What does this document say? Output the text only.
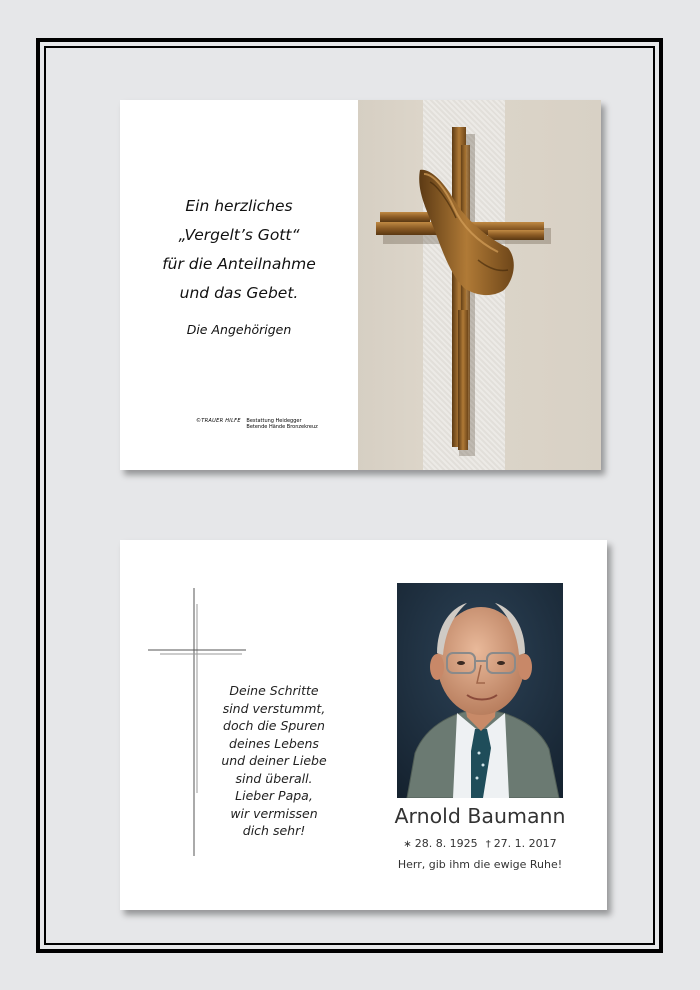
Ein herzliches
„Vergelt’s Gott“
für die Anteilnahme
und das Gebet.
Die Angehörigen
©TRAUER HILFE Bestattung Heidegger
Betende Hände Bronzekreuz
Deine Schritte
sind verstummt,
doch die Spuren
deines Lebens
und deiner Liebe
sind überall.
Lieber Papa,
wir vermissen
dich sehr!
Arnold Baumann
∗ 28. 8. 1925 † 27. 1. 2017
Herr, gib ihm die ewige Ruhe!
